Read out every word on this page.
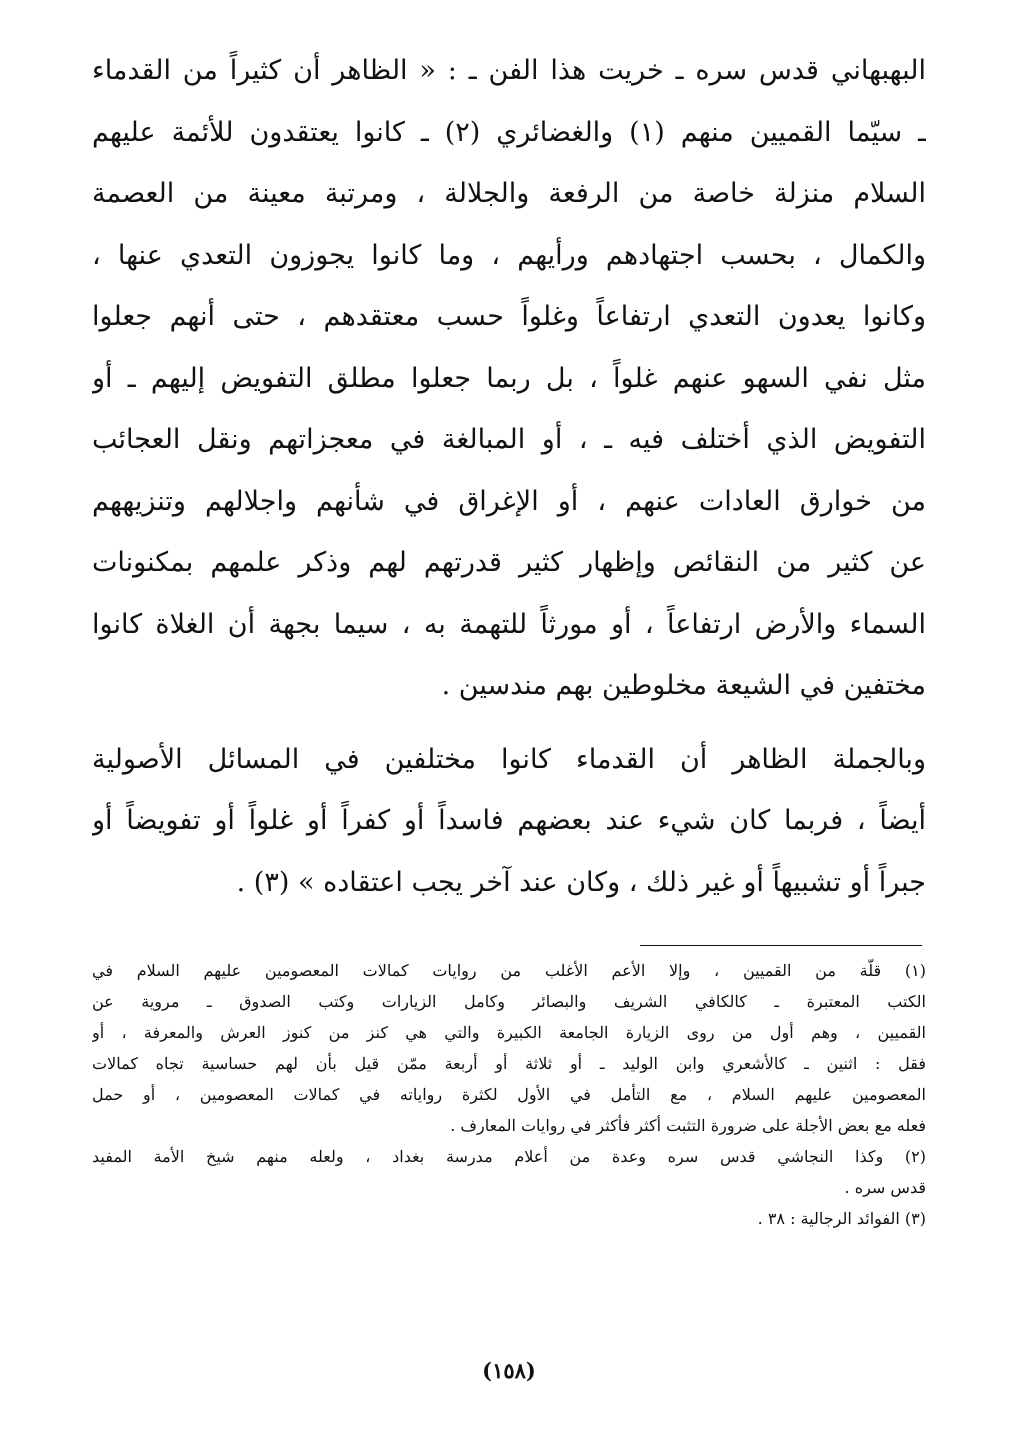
البهبهاني قدس سره ـ خريت هذا الفن ـ : « الظاهر أن كثيراً من القدماء
ـ سيّما القميين منهم (١) والغضائري (٢) ـ كانوا يعتقدون للأئمة عليهم
السلام منزلة خاصة من الرفعة والجلالة ، ومرتبة معينة من العصمة
والكمال ، بحسب اجتهادهم ورأيهم ، وما كانوا يجوزون التعدي عنها ،
وكانوا يعدون التعدي ارتفاعاً وغلواً حسب معتقدهم ، حتى أنهم جعلوا
مثل نفي السهو عنهم غلواً ، بل ربما جعلوا مطلق التفويض إليهم ـ أو
التفويض الذي أختلف فيه ـ ، أو المبالغة في معجزاتهم ونقل العجائب
من خوارق العادات عنهم ، أو الإغراق في شأنهم واجلالهم وتنزيههم
عن كثير من النقائص وإظهار كثير قدرتهم لهم وذكر علمهم بمكنونات
السماء والأرض ارتفاعاً ، أو مورثاً للتهمة به ، سيما بجهة أن الغلاة كانوا
مختفين في الشيعة مخلوطين بهم مندسين .
وبالجملة الظاهر أن القدماء كانوا مختلفين في المسائل الأصولية
أيضاً ، فربما كان شيء عند بعضهم فاسداً أو كفراً أو غلواً أو تفويضاً أو
جبراً أو تشبيهاً أو غير ذلك ، وكان عند آخر يجب اعتقاده » (٣) .
(١) قلّة من القميين ، وإلا الأعم الأغلب من روايات كمالات المعصومين عليهم السلام في
الكتب المعتبرة ـ كالكافي الشريف والبصائر وكامل الزيارات وكتب الصدوق ـ مروية عن
القميين ، وهم أول من روى الزيارة الجامعة الكبيرة والتي هي كنز من كنوز العرش والمعرفة ، أو
فقل : اثنين ـ كالأشعري وابن الوليد ـ أو ثلاثة أو أربعة ممّن قيل بأن لهم حساسية تجاه كمالات
المعصومين عليهم السلام ، مع التأمل في الأول لكثرة رواياته في كمالات المعصومين ، أو حمل
فعله مع بعض الأجلة على ضرورة التثبت أكثر فأكثر في روايات المعارف .
(٢) وكذا النجاشي قدس سره وعدة من أعلام مدرسة بغداد ، ولعله منهم شيخ الأمة المفيد
قدس سره .
(٣) الفوائد الرجالية : ٣٨ .
(١٥٨)
